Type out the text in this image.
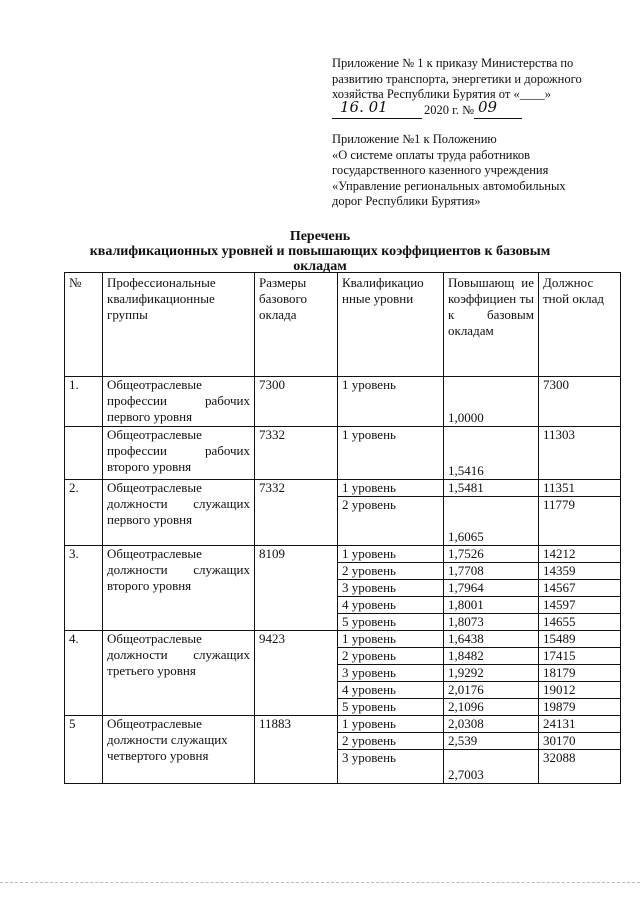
Приложение № 1 к приказу Министерства по
развитию транспорта, энергетики и дорожного
хозяйства Республики Бурятия от «____»
16. 01	2020 г. № 09
Приложение №1 к Положению
«О системе оплаты труда работников
государственного казенного учреждения
«Управление региональных автомобильных
дорог Республики Бурятия»
Перечень
квалификационных уровней и повышающих коэффициентов к базовым
окладам
№	Профессиональные квалификационные группы	Размеры базового оклада	Квалификацио нные уровни	Повышающ ие коэффициен ты к базовым окладам	Должнос тной оклад
1.	Общеотраслевые профессии рабочих первого уровня	7300	1 уровень	1,0000	7300
	Общеотраслевые профессии рабочих второго уровня	7332	1 уровень	1,5416	11303
2.	Общеотраслевые должности служащих первого уровня	7332	1 уровень	1,5481	11351
			2 уровень	1,6065	11779
3.	Общеотраслевые должности служащих второго уровня	8109	1 уровень	1,7526	14212
			2 уровень	1,7708	14359
			3 уровень	1,7964	14567
			4 уровень	1,8001	14597
			5 уровень	1,8073	14655
4.	Общеотраслевые должности служащих третьего уровня	9423	1 уровень	1,6438	15489
			2 уровень	1,8482	17415
			3 уровень	1,9292	18179
			4 уровень	2,0176	19012
			5 уровень	2,1096	19879
5	Общеотраслевые должности служащих четвертого уровня	11883	1 уровень	2,0308	24131
			2 уровень	2,539	30170
			3 уровень	2,7003	32088
